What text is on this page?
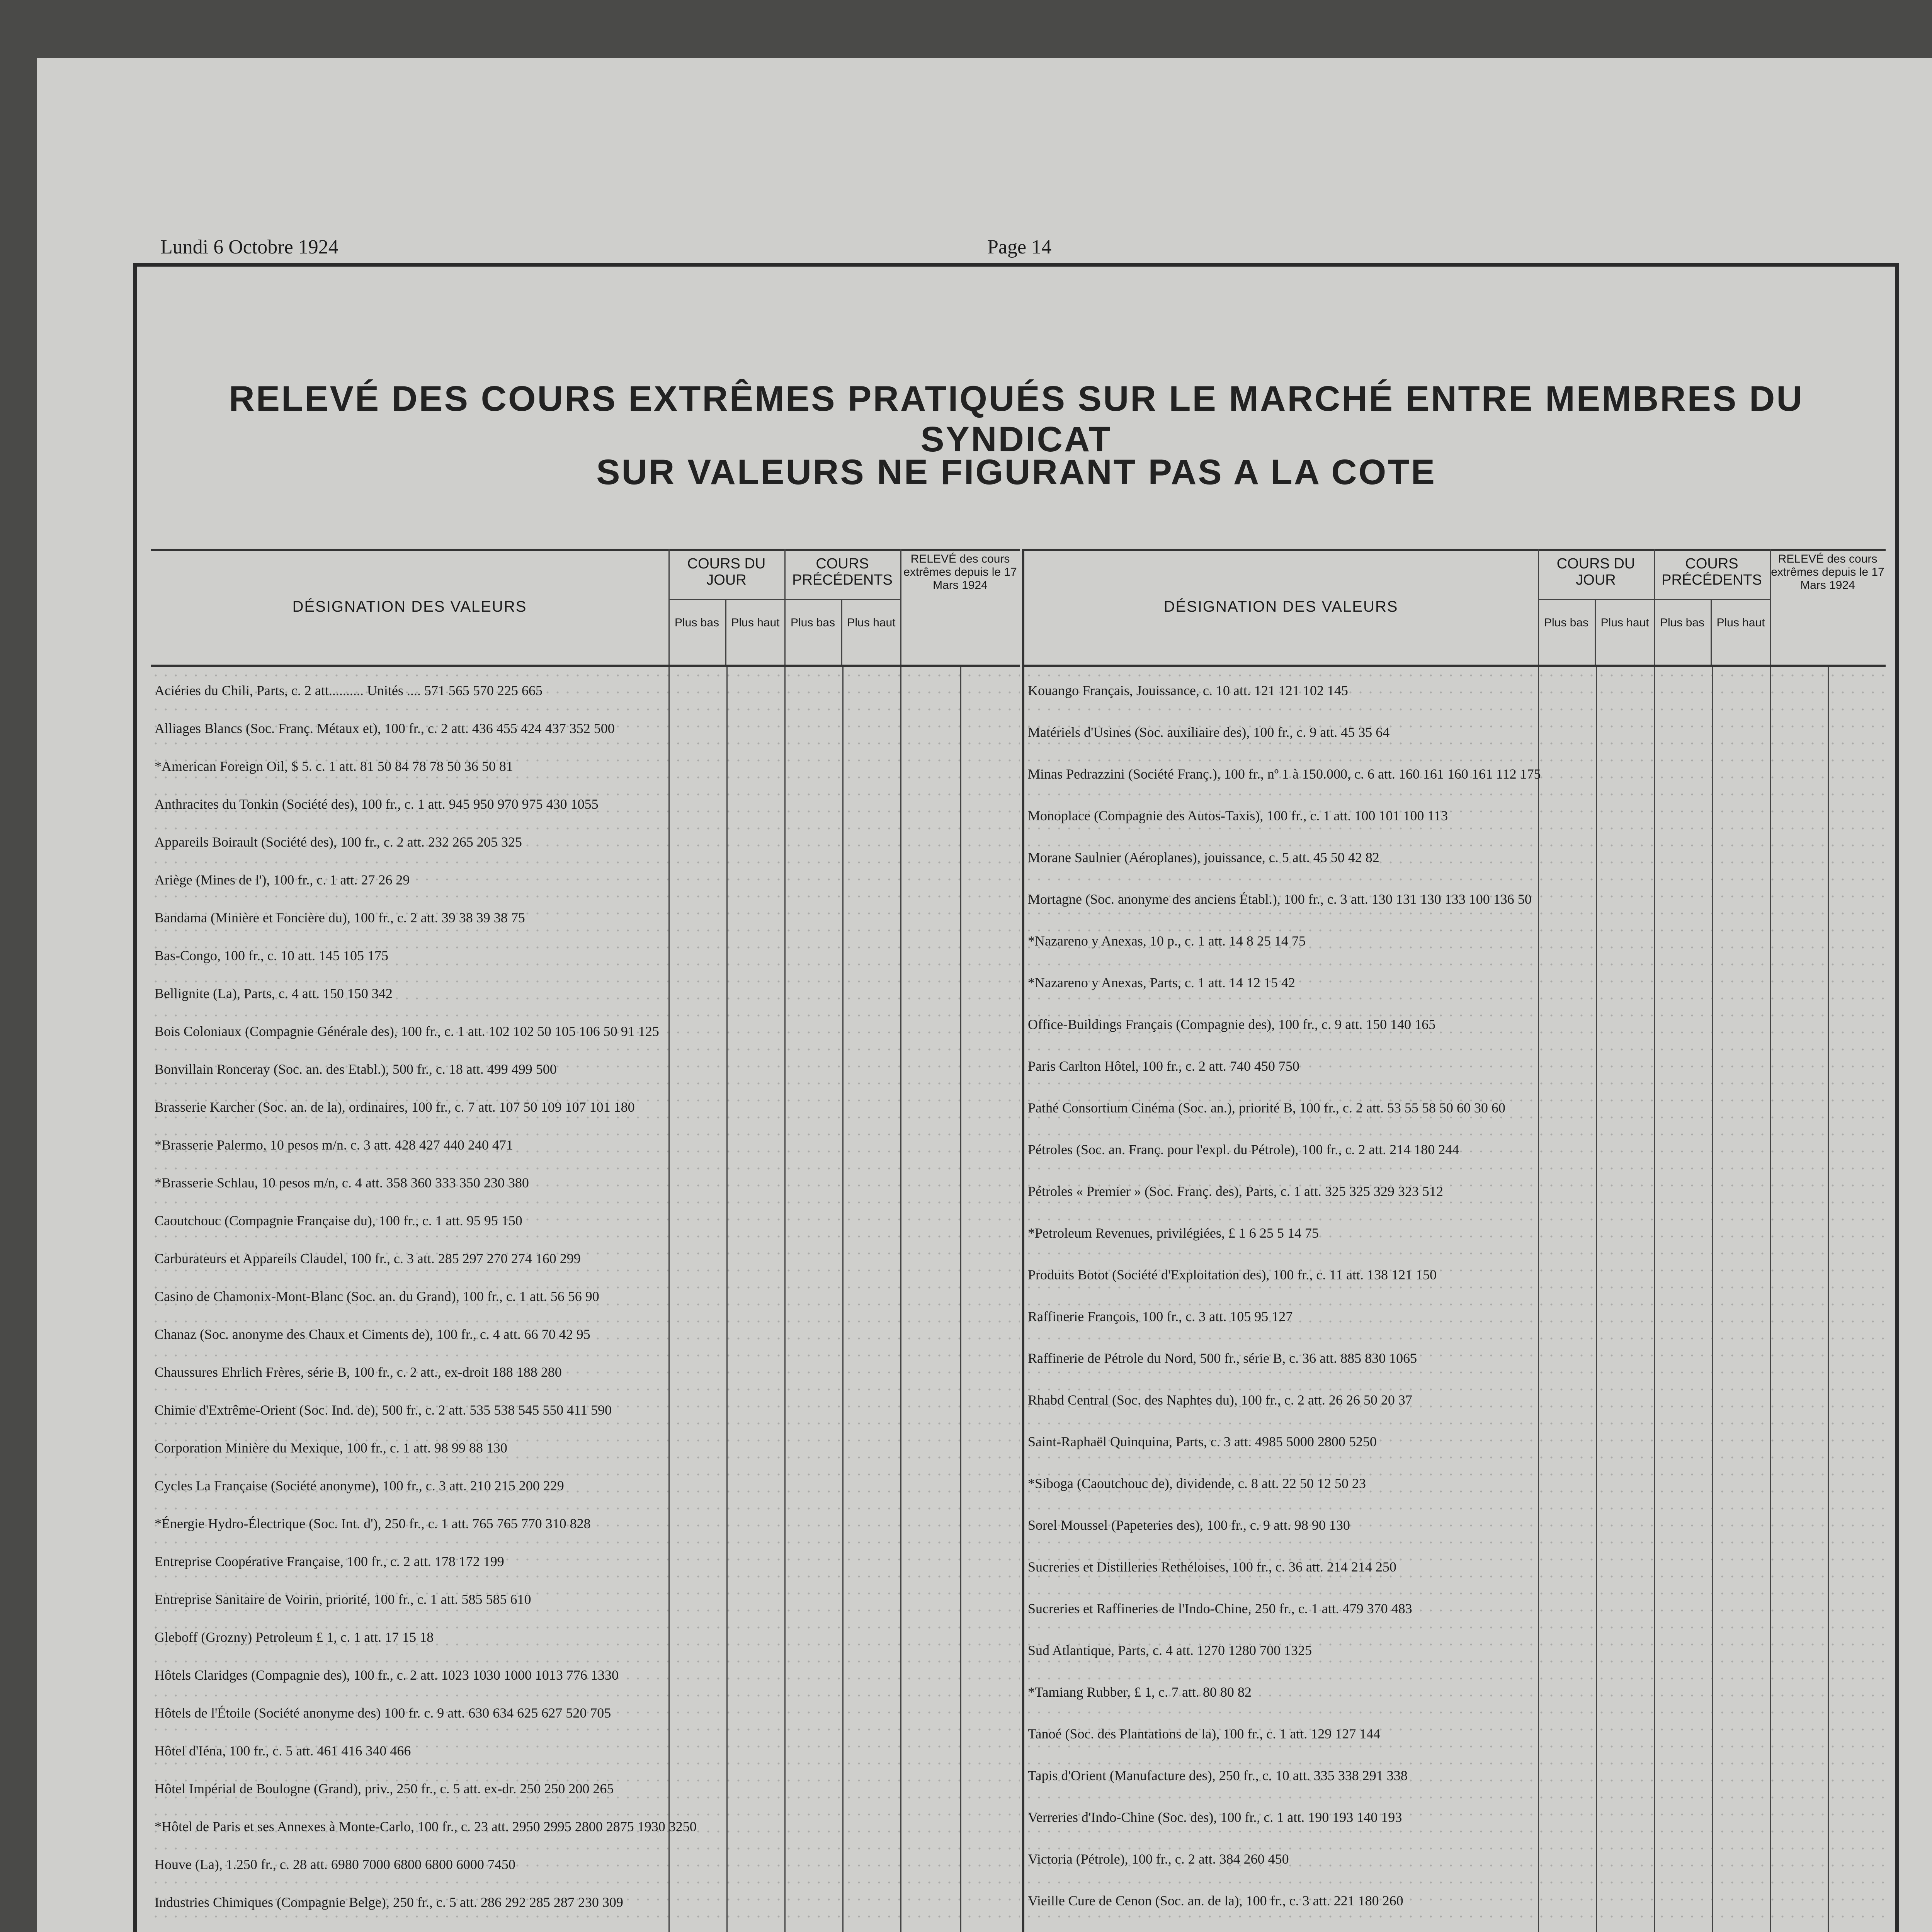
Lundi 6 Octobre 1924	Page 14
RELEVÉ DES COURS EXTRÊMES PRATIQUÉS SUR LE MARCHÉ ENTRE MEMBRES DU SYNDICAT
SUR VALEURS NE FIGURANT PAS A LA COTE
DÉSIGNATION DES VALEURS
COURS DU JOUR
Plus bas	Plus haut
COURS PRÉCÉDENTS
Plus bas	Plus haut
RELEVÉ des cours extrêmes depuis le 17 Mars 1924
Aciéries du Chili, Parts, c. 2 att.......... Unités .... 571 565 570 225 665
Alliages Blancs (Soc. Franç. Métaux et), 100 fr., c. 2 att. 436 455 424 437 352 500
*American Foreign Oil, $ 5. c. 1 att. 81 50 84 78 78 50 36 50 81
Anthracites du Tonkin (Société des), 100 fr., c. 1 att. 945 950 970 975 430 1055
Appareils Boirault (Société des), 100 fr., c. 2 att. 232 265 205 325
Ariège (Mines de l'), 100 fr., c. 1 att. 27 26 29
Bandama (Minière et Foncière du), 100 fr., c. 2 att. 39 38 39 38 75
Bas-Congo, 100 fr., c. 10 att. 145 105 175
Bellignite (La), Parts, c. 4 att. 150 150 342
Bois Coloniaux (Compagnie Générale des), 100 fr., c. 1 att. 102 102 50 105 106 50 91 125
Bonvillain Ronceray (Soc. an. des Etabl.), 500 fr., c. 18 att. 499 499 500
Brasserie Karcher (Soc. an. de la), ordinaires, 100 fr., c. 7 att. 107 50 109 107 101 180
*Brasserie Palermo, 10 pesos m/n. c. 3 att. 428 427 440 240 471
*Brasserie Schlau, 10 pesos m/n, c. 4 att. 358 360 333 350 230 380
Caoutchouc (Compagnie Française du), 100 fr., c. 1 att. 95 95 150
Carburateurs et Appareils Claudel, 100 fr., c. 3 att. 285 297 270 274 160 299
Casino de Chamonix-Mont-Blanc (Soc. an. du Grand), 100 fr., c. 1 att. 56 56 90
Chanaz (Soc. anonyme des Chaux et Ciments de), 100 fr., c. 4 att. 66 70 42 95
Chaussures Ehrlich Frères, série B, 100 fr., c. 2 att., ex-droit 188 188 280
Chimie d'Extrême-Orient (Soc. Ind. de), 500 fr., c. 2 att. 535 538 545 550 411 590
Corporation Minière du Mexique, 100 fr., c. 1 att. 98 99 88 130
Cycles La Française (Société anonyme), 100 fr., c. 3 att. 210 215 200 229
*Énergie Hydro-Électrique (Soc. Int. d'), 250 fr., c. 1 att. 765 765 770 310 828
Entreprise Coopérative Française, 100 fr., c. 2 att. 178 172 199
Entreprise Sanitaire de Voirin, priorité, 100 fr., c. 1 att. 585 585 610
Gleboff (Grozny) Petroleum £ 1, c. 1 att. 17 15 18
Hôtels Claridges (Compagnie des), 100 fr., c. 2 att. 1023 1030 1000 1013 776 1330
Hôtels de l'Étoile (Société anonyme des) 100 fr. c. 9 att. 630 634 625 627 520 705
Hôtel d'Iéna, 100 fr., c. 5 att. 461 416 340 466
Hôtel Impérial de Boulogne (Grand), priv., 250 fr., c. 5 att. ex-dr. 250 250 200 265
*Hôtel de Paris et ses Annexes à Monte-Carlo, 100 fr., c. 23 att. 2950 2995 2800 2875 1930 3250
Houve (La), 1.250 fr., c. 28 att. 6980 7000 6800 6800 6000 7450
Industries Chimiques (Compagnie Belge), 250 fr., c. 5 att. 286 292 285 287 230 309
DÉSIGNATION DES VALEURS
COURS DU JOUR
Plus bas	Plus haut
COURS PRÉCÉDENTS
Plus bas	Plus haut
RELEVÉ des cours extrêmes depuis le 17 Mars 1924
Kouango Français, Jouissance, c. 10 att. 121 121 102 145
Matériels d'Usines (Soc. auxiliaire des), 100 fr., c. 9 att. 45 35 64
Minas Pedrazzini (Société Franç.), 100 fr., nº 1 à 150.000, c. 6 att. 160 161 160 161 112 175
Monoplace (Compagnie des Autos-Taxis), 100 fr., c. 1 att. 100 101 100 113
Morane Saulnier (Aéroplanes), jouissance, c. 5 att. 45 50 42 82
Mortagne (Soc. anonyme des anciens Établ.), 100 fr., c. 3 att. 130 131 130 133 100 136 50
*Nazareno y Anexas, 10 p., c. 1 att. 14 8 25 14 75
*Nazareno y Anexas, Parts, c. 1 att. 14 12 15 42
Office-Buildings Français (Compagnie des), 100 fr., c. 9 att. 150 140 165
Paris Carlton Hôtel, 100 fr., c. 2 att. 740 450 750
Pathé Consortium Cinéma (Soc. an.), priorité B, 100 fr., c. 2 att. 53 55 58 50 60 30 60
Pétroles (Soc. an. Franç. pour l'expl. du Pétrole), 100 fr., c. 2 att. 214 180 244
Pétroles « Premier » (Soc. Franç. des), Parts, c. 1 att. 325 325 329 323 512
*Petroleum Revenues, privilégiées, £ 1 6 25 5 14 75
Produits Botot (Société d'Exploitation des), 100 fr., c. 11 att. 138 121 150
Raffinerie François, 100 fr., c. 3 att. 105 95 127
Raffinerie de Pétrole du Nord, 500 fr., série B, c. 36 att. 885 830 1065
Rhabd Central (Soc. des Naphtes du), 100 fr., c. 2 att. 26 26 50 20 37
Saint-Raphaël Quinquina, Parts, c. 3 att. 4985 5000 2800 5250
*Siboga (Caoutchouc de), dividende, c. 8 att. 22 50 12 50 23
Sorel Moussel (Papeteries des), 100 fr., c. 9 att. 98 90 130
Sucreries et Distilleries Rethéloises, 100 fr., c. 36 att. 214 214 250
Sucreries et Raffineries de l'Indo-Chine, 250 fr., c. 1 att. 479 370 483
Sud Atlantique, Parts, c. 4 att. 1270 1280 700 1325
*Tamiang Rubber, £ 1, c. 7 att. 80 80 82
Tanoé (Soc. des Plantations de la), 100 fr., c. 1 att. 129 127 144
Tapis d'Orient (Manufacture des), 250 fr., c. 10 att. 335 338 291 338
Verreries d'Indo-Chine (Soc. des), 100 fr., c. 1 att. 190 193 140 193
Victoria (Pétrole), 100 fr., c. 2 att. 384 260 450
Vieille Cure de Cenon (Soc. an. de la), 100 fr., c. 3 att. 221 180 260
